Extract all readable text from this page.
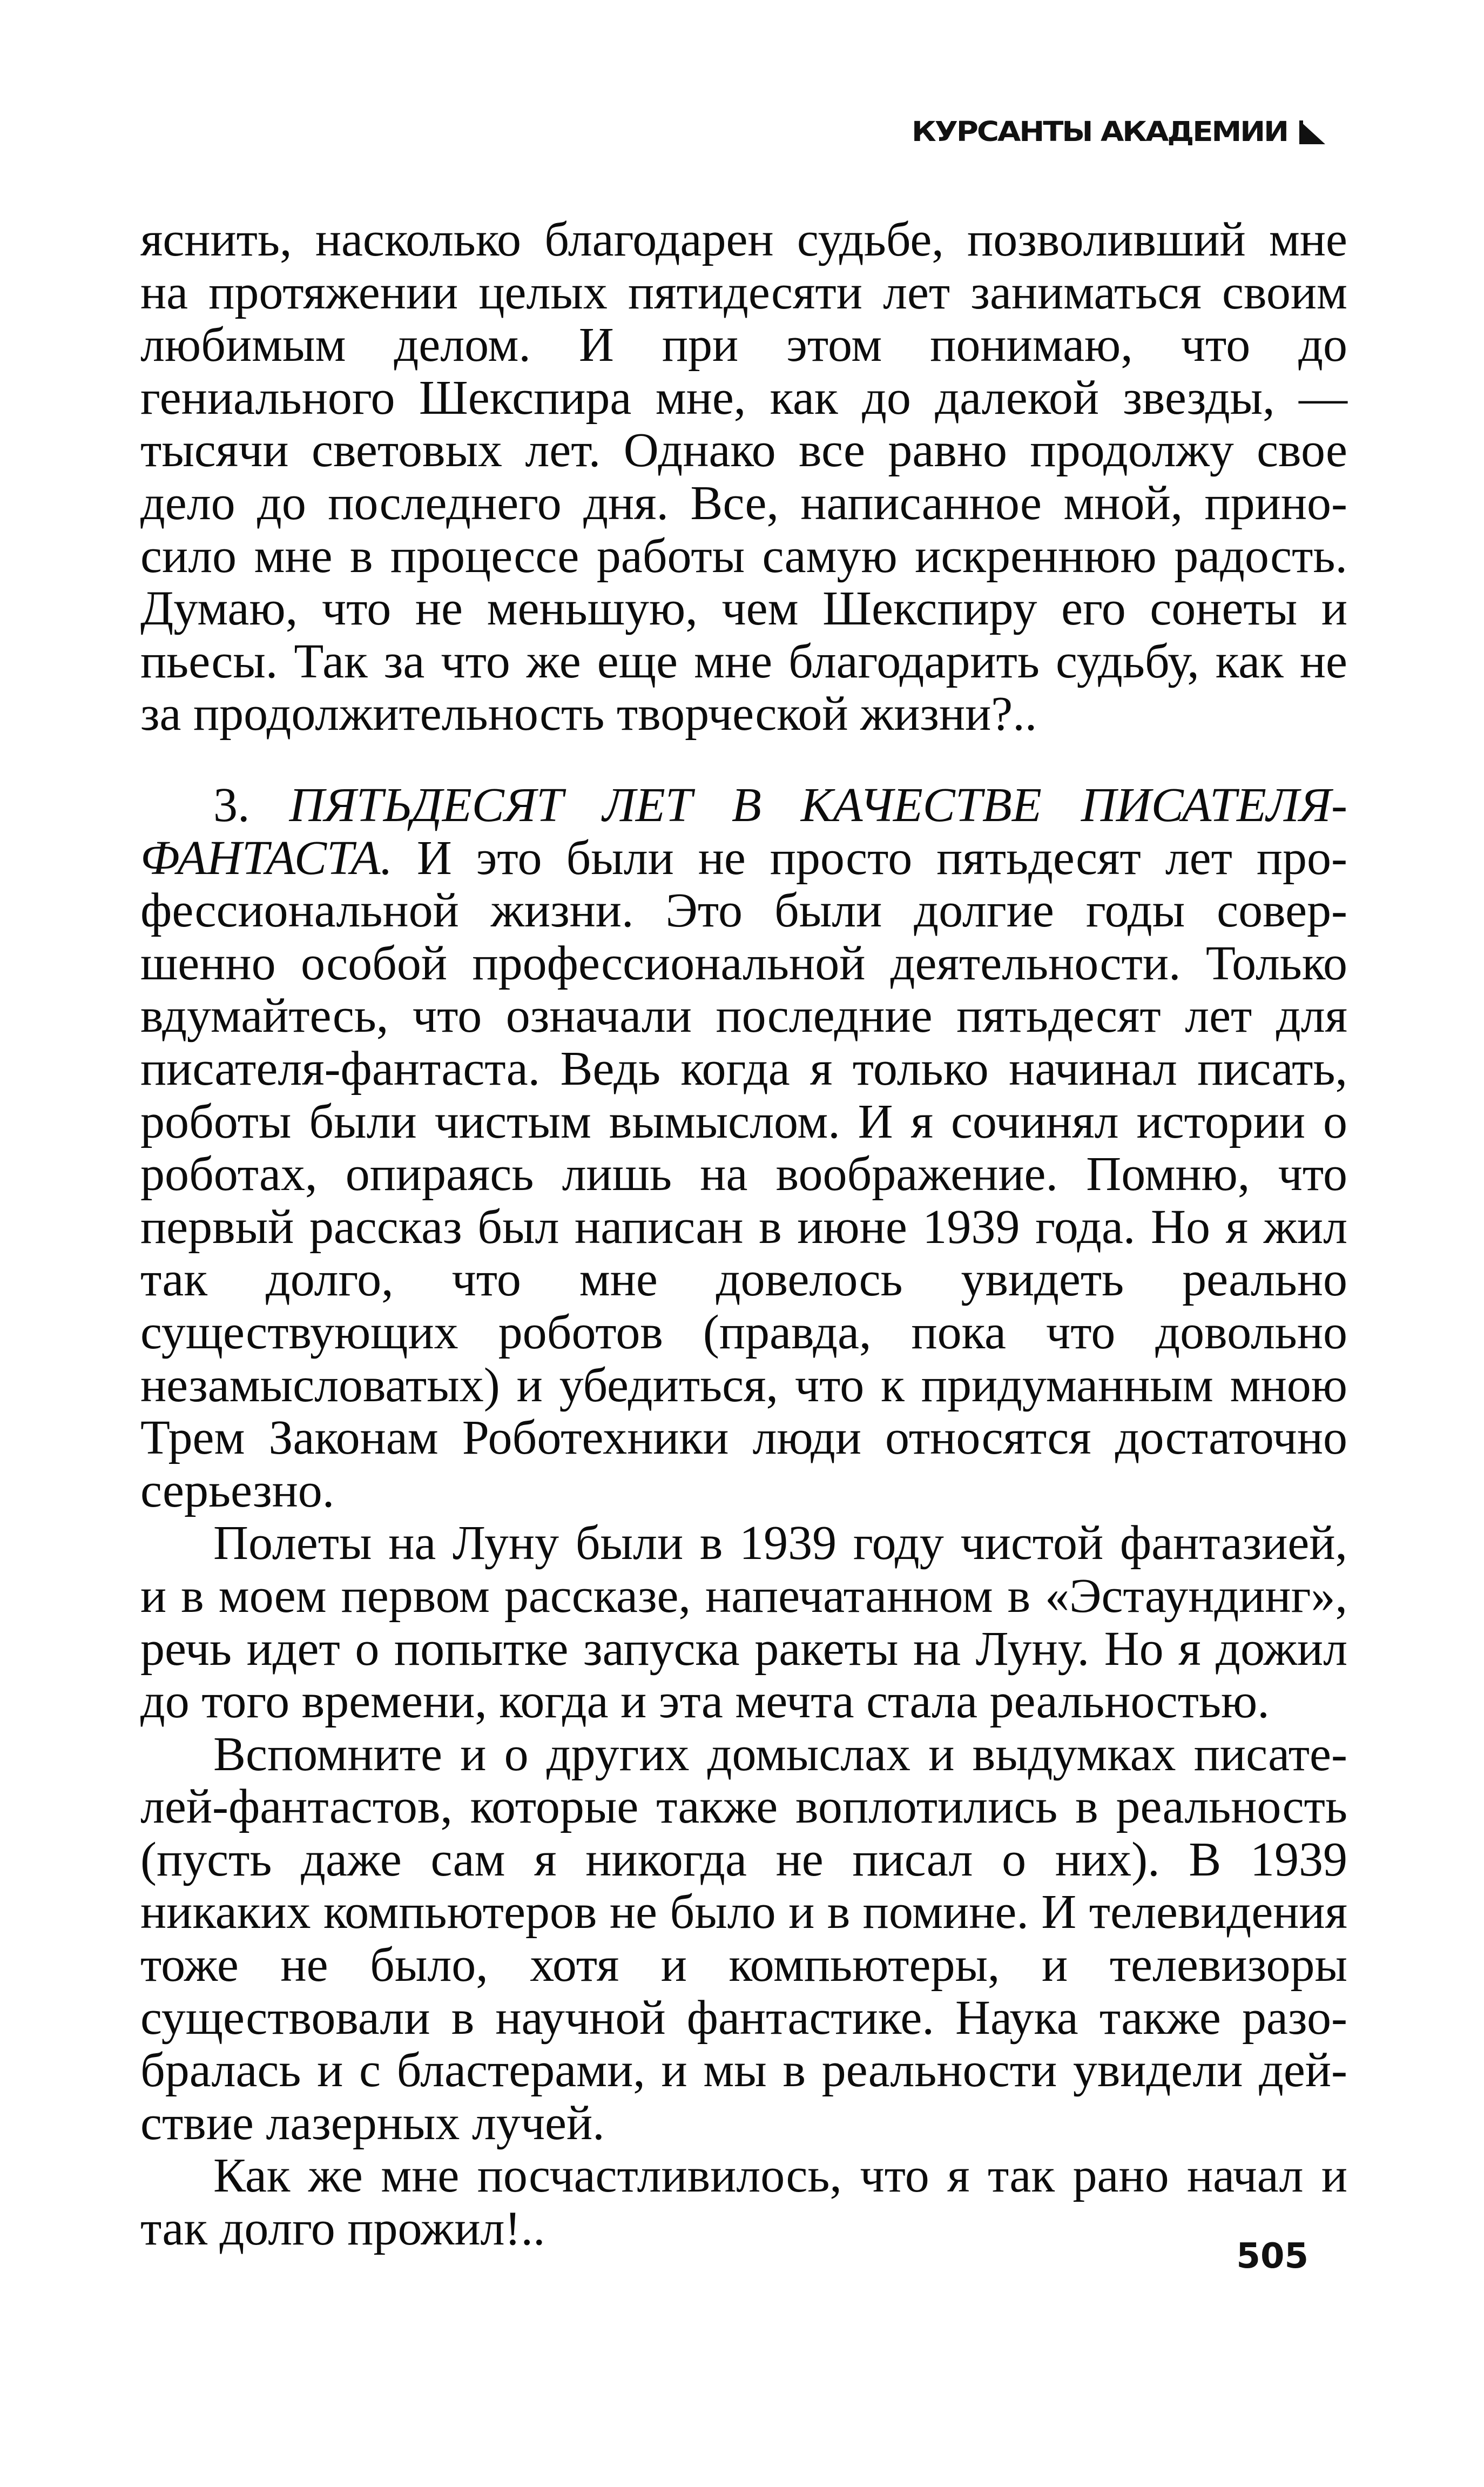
КУРСАНТЫ АКАДЕМИИ

яснить, насколько благодарен судьбе, позволивший мне на протяжении целых пятидесяти лет заниматься своим любимым делом. И при этом понимаю, что до гениального Шекспира мне, как до далекой звезды, — тысячи световых лет. Однако все равно продолжу свое дело до последнего дня. Все, написанное мной, приносило мне в процессе работы самую искреннюю радость. Думаю, что не меньшую, чем Шекспиру его сонеты и пьесы. Так за что же еще мне благодарить судьбу, как не за продолжительность творческой жизни?..

3. ПЯТЬДЕСЯТ ЛЕТ В КАЧЕСТВЕ ПИСАТЕЛЯ-ФАНТАСТА. И это были не просто пятьдесят лет профессиональной жизни. Это были долгие годы совершенно особой профессиональной деятельности. Только вдумайтесь, что означали последние пятьдесят лет для писателя-фантаста. Ведь когда я только начинал писать, роботы были чистым вымыслом. И я сочинял истории о роботах, опираясь лишь на воображение. Помню, что первый рассказ был написан в июне 1939 года. Но я жил так долго, что мне довелось увидеть реально существующих роботов (правда, пока что довольно незамысловатых) и убедиться, что к придуманным мною Трем Законам Роботехники люди относятся достаточно серьезно.

Полеты на Луну были в 1939 году чистой фантазией, и в моем первом рассказе, напечатанном в «Эстаундинг», речь идет о попытке запуска ракеты на Луну. Но я дожил до того времени, когда и эта мечта стала реальностью.

Вспомните и о других домыслах и выдумках писателей-фантастов, которые также воплотились в реальность (пусть даже сам я никогда не писал о них). В 1939 никаких компьютеров не было и в помине. И телевидения тоже не было, хотя и компьютеры, и телевизоры существовали в научной фантастике. Наука также разобралась и с бластерами, и мы в реальности увидели действие лазерных лучей.

Как же мне посчастливилось, что я так рано начал и так долго прожил!..

505
